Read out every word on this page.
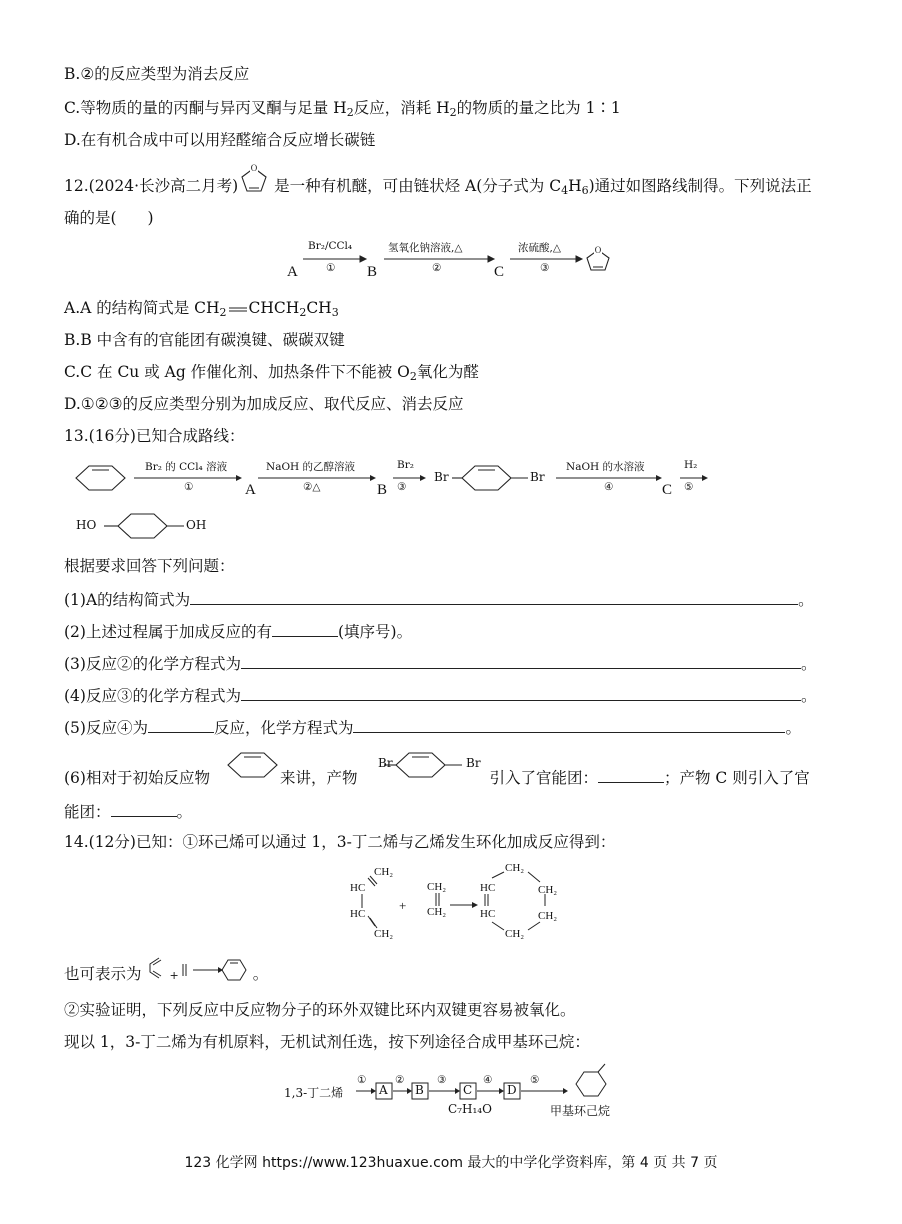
B.②的反应类型为消去反应
C.等物质的量的丙酮与异丙叉酮与足量 $H_2$反应，消耗 $H_2$的物质的量之比为 1∶1
D.在有机合成中可以用羟醛缩合反应增长碳链
12.(2024·长沙高二月考) 是一种有机醚，可由链状烃 A(分子式为 $C_4H_6$)通过如图路线制得。下列说法正
O
确的是(　　)
A
Br₂/CCl₄
① B
氢氧化钠溶液,△
②	C
浓硫酸,△
③
O
A.A 的结构简式是 $CH_2$ $CHCH_2CH_3$
B.B 中含有的官能团有碳溴键、碳碳双键
C.C 在 Cu 或 Ag 作催化剂、加热条件下不能被 $O_2$氧化为醛
D.①②③的反应类型分别为加成反应、取代反应、消去反应
13.(16分)已知合成路线：
Br₂ 的 CCl₄ 溶液
①	A
NaOH 的乙醇溶液
②△	B
Br₂
③
Br	Br
NaOH 的水溶液
④	C
H₂
⑤
HO	OH
根据要求回答下列问题：
(1)A的结构简式为	。
(2)上述过程属于加成反应的有	(填序号)。
(3)反应②的化学方程式为	。
(4)反应③的化学方程式为	。
(5)反应④为	反应，化学方程式为	。
(6)相对于初始反应物	来讲，产物	引入了官能团：	；产物 C 则引入了官
Br	Br
能团：	。
14.(12分)已知：①环己烯可以通过 1，3-丁二烯与乙烯发生环化加成反应得到：
CH₂
HC
HC
CH₂
+
CH₂
CH₂
CH₂
HC
HC
CH₂
CH₂
CH₂
也可表示为	+	。
②实验证明，下列反应中反应物分子的环外双键比环内双键更容易被氧化。
现以 1，3-丁二烯为有机原料，无机试剂任选，按下列途径合成甲基环己烷：
1,3-丁二烯
①
A
②
B
③
C
④
D
⑤
C₇H₁₄O	甲基环己烷
123 化学网 https://www.123huaxue.com 最大的中学化学资料库，第 4 页 共 7 页
